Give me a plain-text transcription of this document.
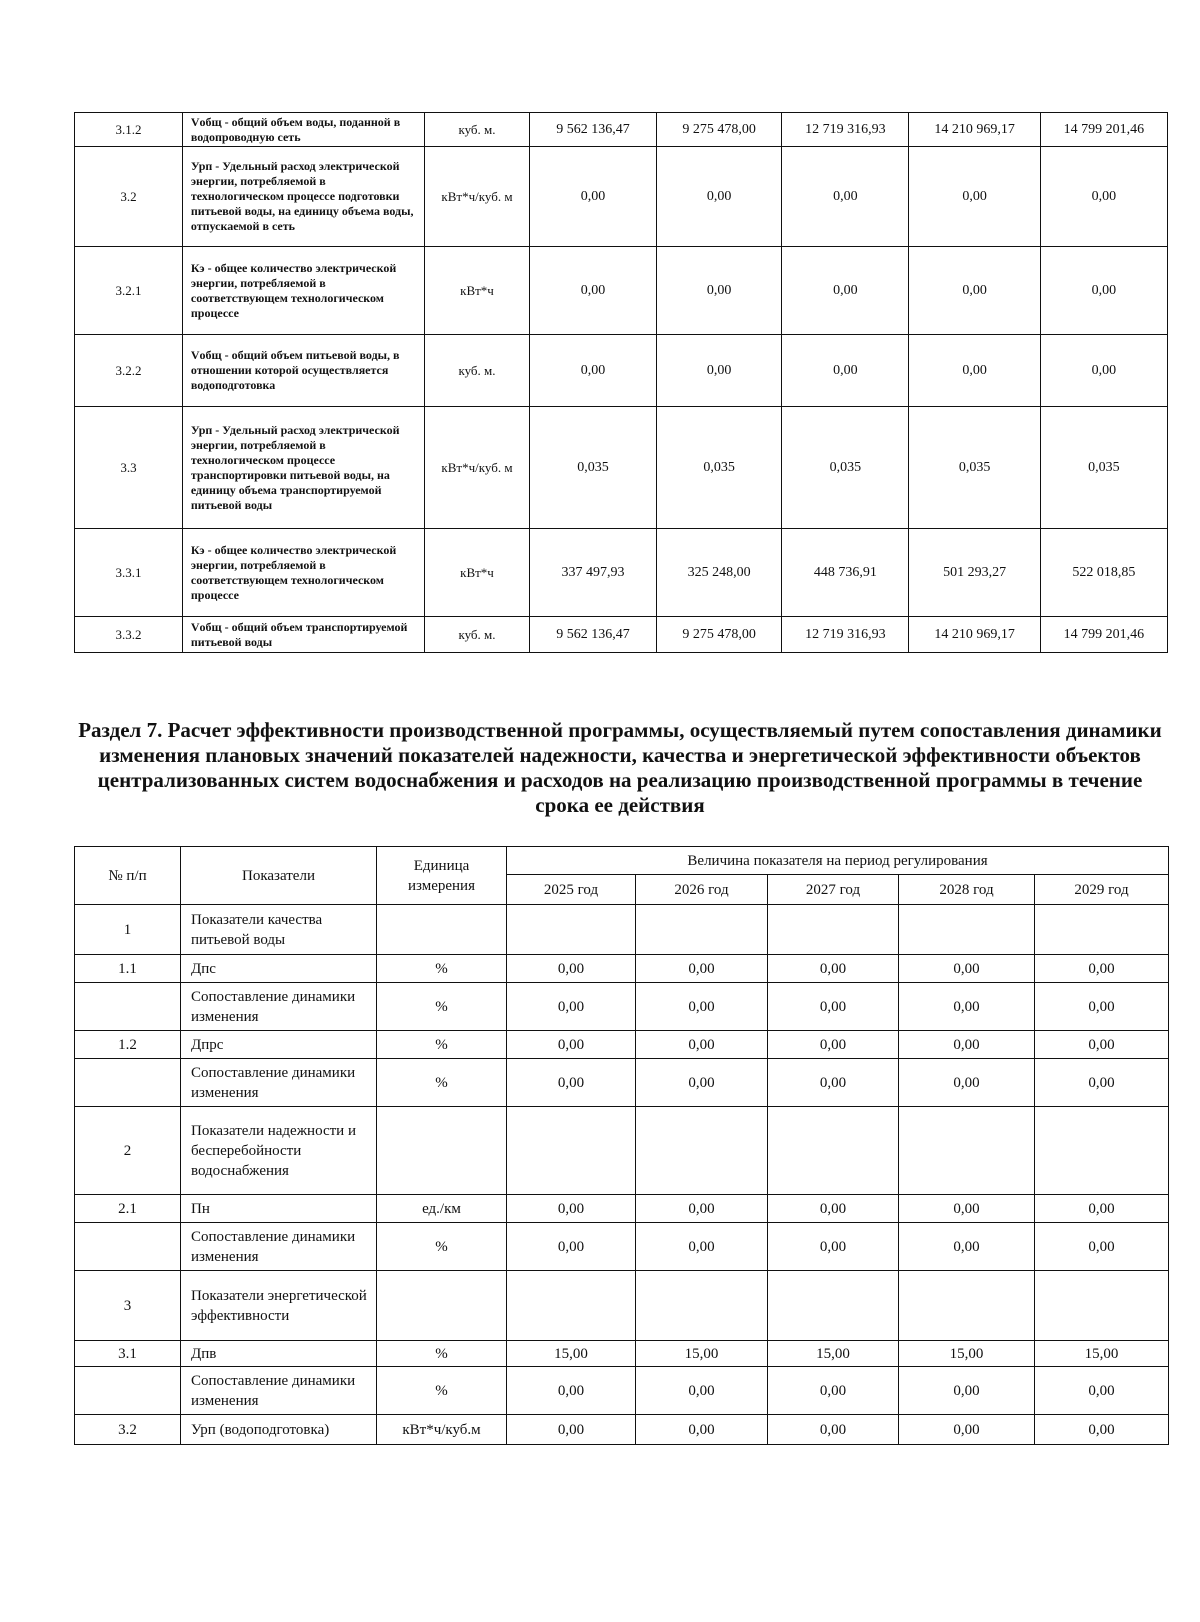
3.1.2	Vобщ - общий объем воды, поданной в водопроводную сеть	куб. м.	9 562 136,47	9 275 478,00	12 719 316,93	14 210 969,17	14 799 201,46
3.2	Урп - Удельный расход электрической энергии, потребляемой в технологическом процессе подготовки питьевой воды, на единицу объема воды, отпускаемой в сеть	кВт*ч/куб. м	0,00	0,00	0,00	0,00	0,00
3.2.1	Кэ - общее количество электрической энергии, потребляемой в соответствующем технологическом процессе	кВт*ч	0,00	0,00	0,00	0,00	0,00
3.2.2	Vобщ - общий объем питьевой воды, в отношении которой осуществляется водоподготовка	куб. м.	0,00	0,00	0,00	0,00	0,00
3.3	Урп - Удельный расход электрической энергии, потребляемой в технологическом процессе транспортировки питьевой воды, на единицу объема транспортируемой питьевой воды	кВт*ч/куб. м	0,035	0,035	0,035	0,035	0,035
3.3.1	Кэ - общее количество электрической энергии, потребляемой в соответствующем технологическом процессе	кВт*ч	337 497,93	325 248,00	448 736,91	501 293,27	522 018,85
3.3.2	Vобщ - общий объем транспортируемой питьевой воды	куб. м.	9 562 136,47	9 275 478,00	12 719 316,93	14 210 969,17	14 799 201,46
Раздел 7. Расчет эффективности производственной программы, осуществляемый путем сопоставления динамики изменения плановых значений показателей надежности, качества и энергетической эффективности объектов централизованных систем водоснабжения и расходов на реализацию производственной программы в течение срока ее действия
№ п/п	Показатели	Единица измерения	Величина показателя на период регулирования				
			2025 год	2026 год	2027 год	2028 год	2029 год
1	Показатели качества питьевой воды						
1.1	Дпс	%	0,00	0,00	0,00	0,00	0,00
	Сопоставление динамики изменения	%	0,00	0,00	0,00	0,00	0,00
1.2	Дпрс	%	0,00	0,00	0,00	0,00	0,00
	Сопоставление динамики изменения	%	0,00	0,00	0,00	0,00	0,00
2	Показатели надежности и бесперебойности водоснабжения						
2.1	Пн	ед./км	0,00	0,00	0,00	0,00	0,00
	Сопоставление динамики изменения	%	0,00	0,00	0,00	0,00	0,00
3	Показатели энергетической эффективности						
3.1	Дпв	%	15,00	15,00	15,00	15,00	15,00
	Сопоставление динамики изменения	%	0,00	0,00	0,00	0,00	0,00
3.2	Урп (водоподготовка)	кВт*ч/куб.м	0,00	0,00	0,00	0,00	0,00
